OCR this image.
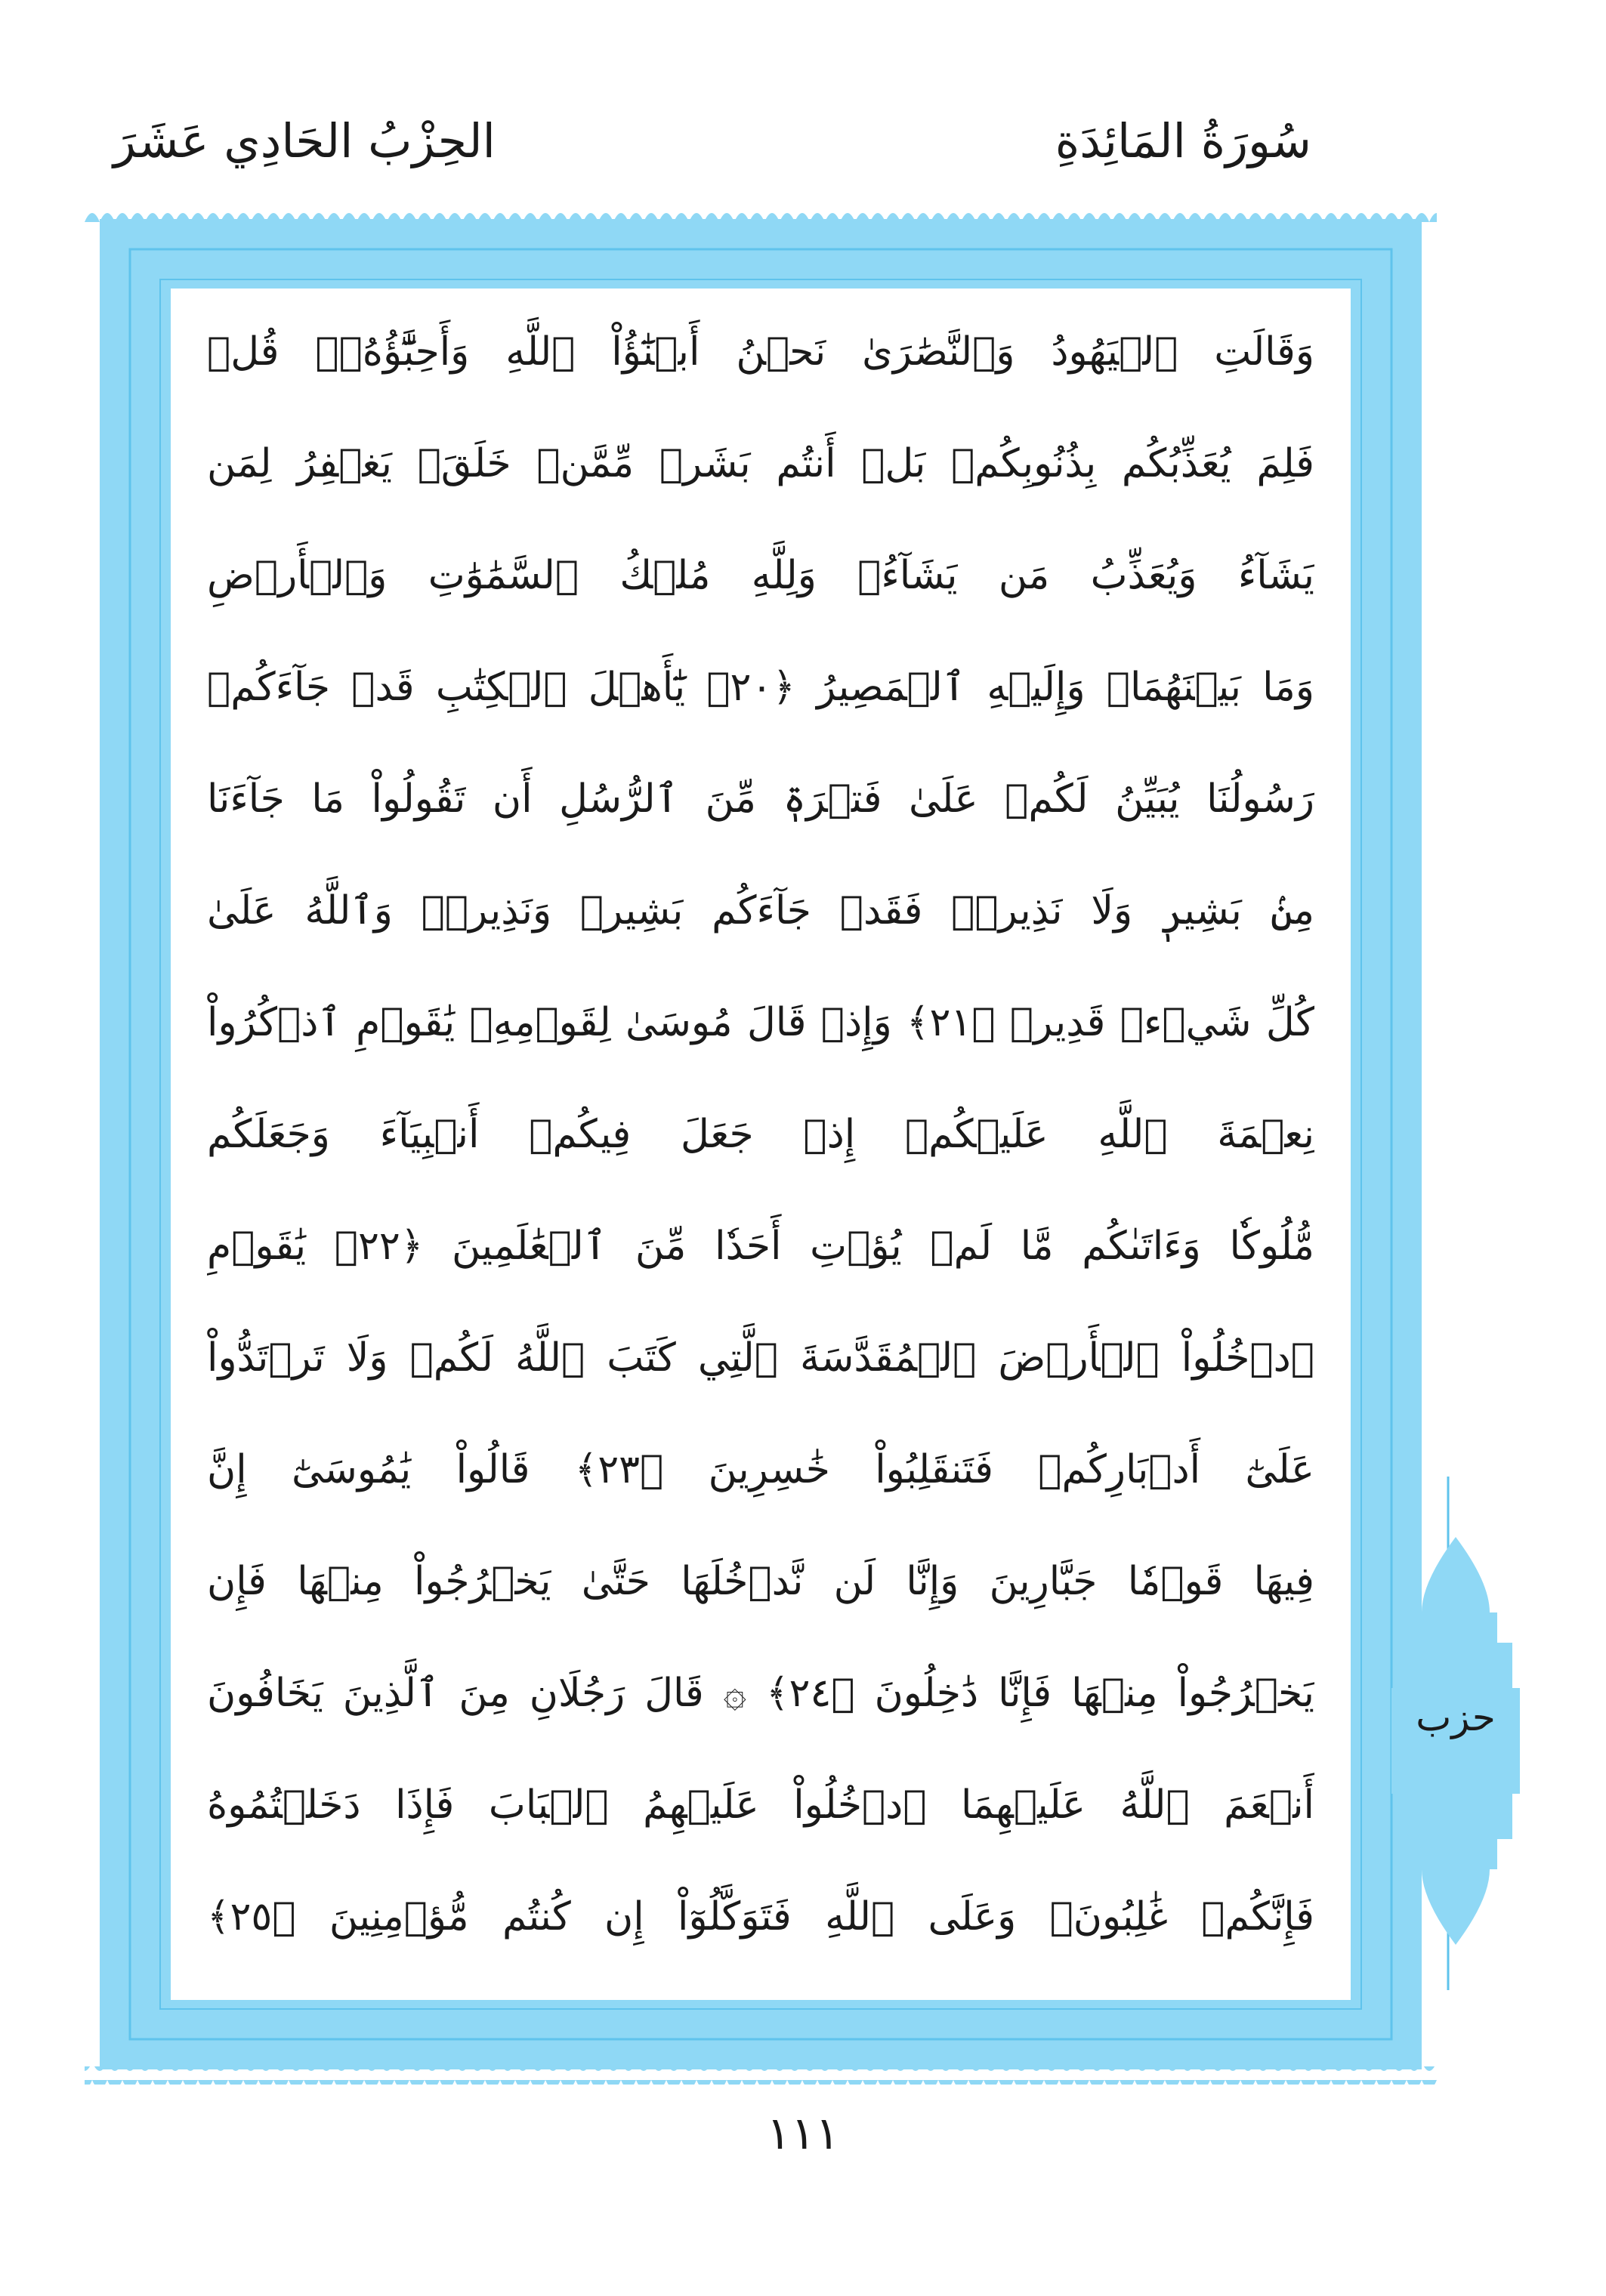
الحِزْبُ الحَادِي عَشَرَ	سُورَةُ المَائِدَةِ
وَقَالَتِ ٱلۡيَهُودُ وَٱلنَّصَٰرَىٰ نَحۡنُ أَبۡنَٰٓؤُاْ ٱللَّهِ وَأَحِبَّٰٓؤُهُۥۚ قُلۡ
فَلِمَ يُعَذِّبُكُم بِذُنُوبِكُمۖ بَلۡ أَنتُم بَشَرٞ مِّمَّنۡ خَلَقَۚ يَغۡفِرُ لِمَن
يَشَآءُ وَيُعَذِّبُ مَن يَشَآءُۚ وَلِلَّهِ مُلۡكُ ٱلسَّمَٰوَٰتِ وَٱلۡأَرۡضِ
وَمَا بَيۡنَهُمَاۖ وَإِلَيۡهِ ٱلۡمَصِيرُ ﴿٢٠﴾ يَٰٓأَهۡلَ ٱلۡكِتَٰبِ قَدۡ جَآءَكُمۡ
رَسُولُنَا يُبَيِّنُ لَكُمۡ عَلَىٰ فَتۡرَةٖ مِّنَ ٱلرُّسُلِ أَن تَقُولُواْ مَا جَآءَنَا
مِنۢ بَشِيرٖ وَلَا نَذِيرٖۖ فَقَدۡ جَآءَكُم بَشِيرٞ وَنَذِيرٞۗ وَٱللَّهُ عَلَىٰ
كُلِّ شَيۡءٖ قَدِيرٞ ﴿٢١﴾ وَإِذۡ قَالَ مُوسَىٰ لِقَوۡمِهِۦ يَٰقَوۡمِ ٱذۡكُرُواْ
نِعۡمَةَ ٱللَّهِ عَلَيۡكُمۡ إِذۡ جَعَلَ فِيكُمۡ أَنۢبِيَآءَ وَجَعَلَكُم
مُّلُوكٗا وَءَاتَىٰكُم مَّا لَمۡ يُؤۡتِ أَحَدٗا مِّنَ ٱلۡعَٰلَمِينَ ﴿٢٢﴾ يَٰقَوۡمِ
ٱدۡخُلُواْ ٱلۡأَرۡضَ ٱلۡمُقَدَّسَةَ ٱلَّتِي كَتَبَ ٱللَّهُ لَكُمۡ وَلَا تَرۡتَدُّواْ
عَلَىٰٓ أَدۡبَارِكُمۡ فَتَنقَلِبُواْ خَٰسِرِينَ ﴿٢٣﴾ قَالُواْ يَٰمُوسَىٰٓ إِنَّ
فِيهَا قَوۡمٗا جَبَّارِينَ وَإِنَّا لَن نَّدۡخُلَهَا حَتَّىٰ يَخۡرُجُواْ مِنۡهَا فَإِن
يَخۡرُجُواْ مِنۡهَا فَإِنَّا دَٰخِلُونَ ﴿٢٤﴾ ۞ قَالَ رَجُلَانِ مِنَ ٱلَّذِينَ يَخَافُونَ
أَنۡعَمَ ٱللَّهُ عَلَيۡهِمَا ٱدۡخُلُواْ عَلَيۡهِمُ ٱلۡبَابَ فَإِذَا دَخَلۡتُمُوهُ
فَإِنَّكُمۡ غَٰلِبُونَۚ وَعَلَى ٱللَّهِ فَتَوَكَّلُوٓاْ إِن كُنتُم مُّؤۡمِنِينَ ﴿٢٥﴾
حزب
١١١
